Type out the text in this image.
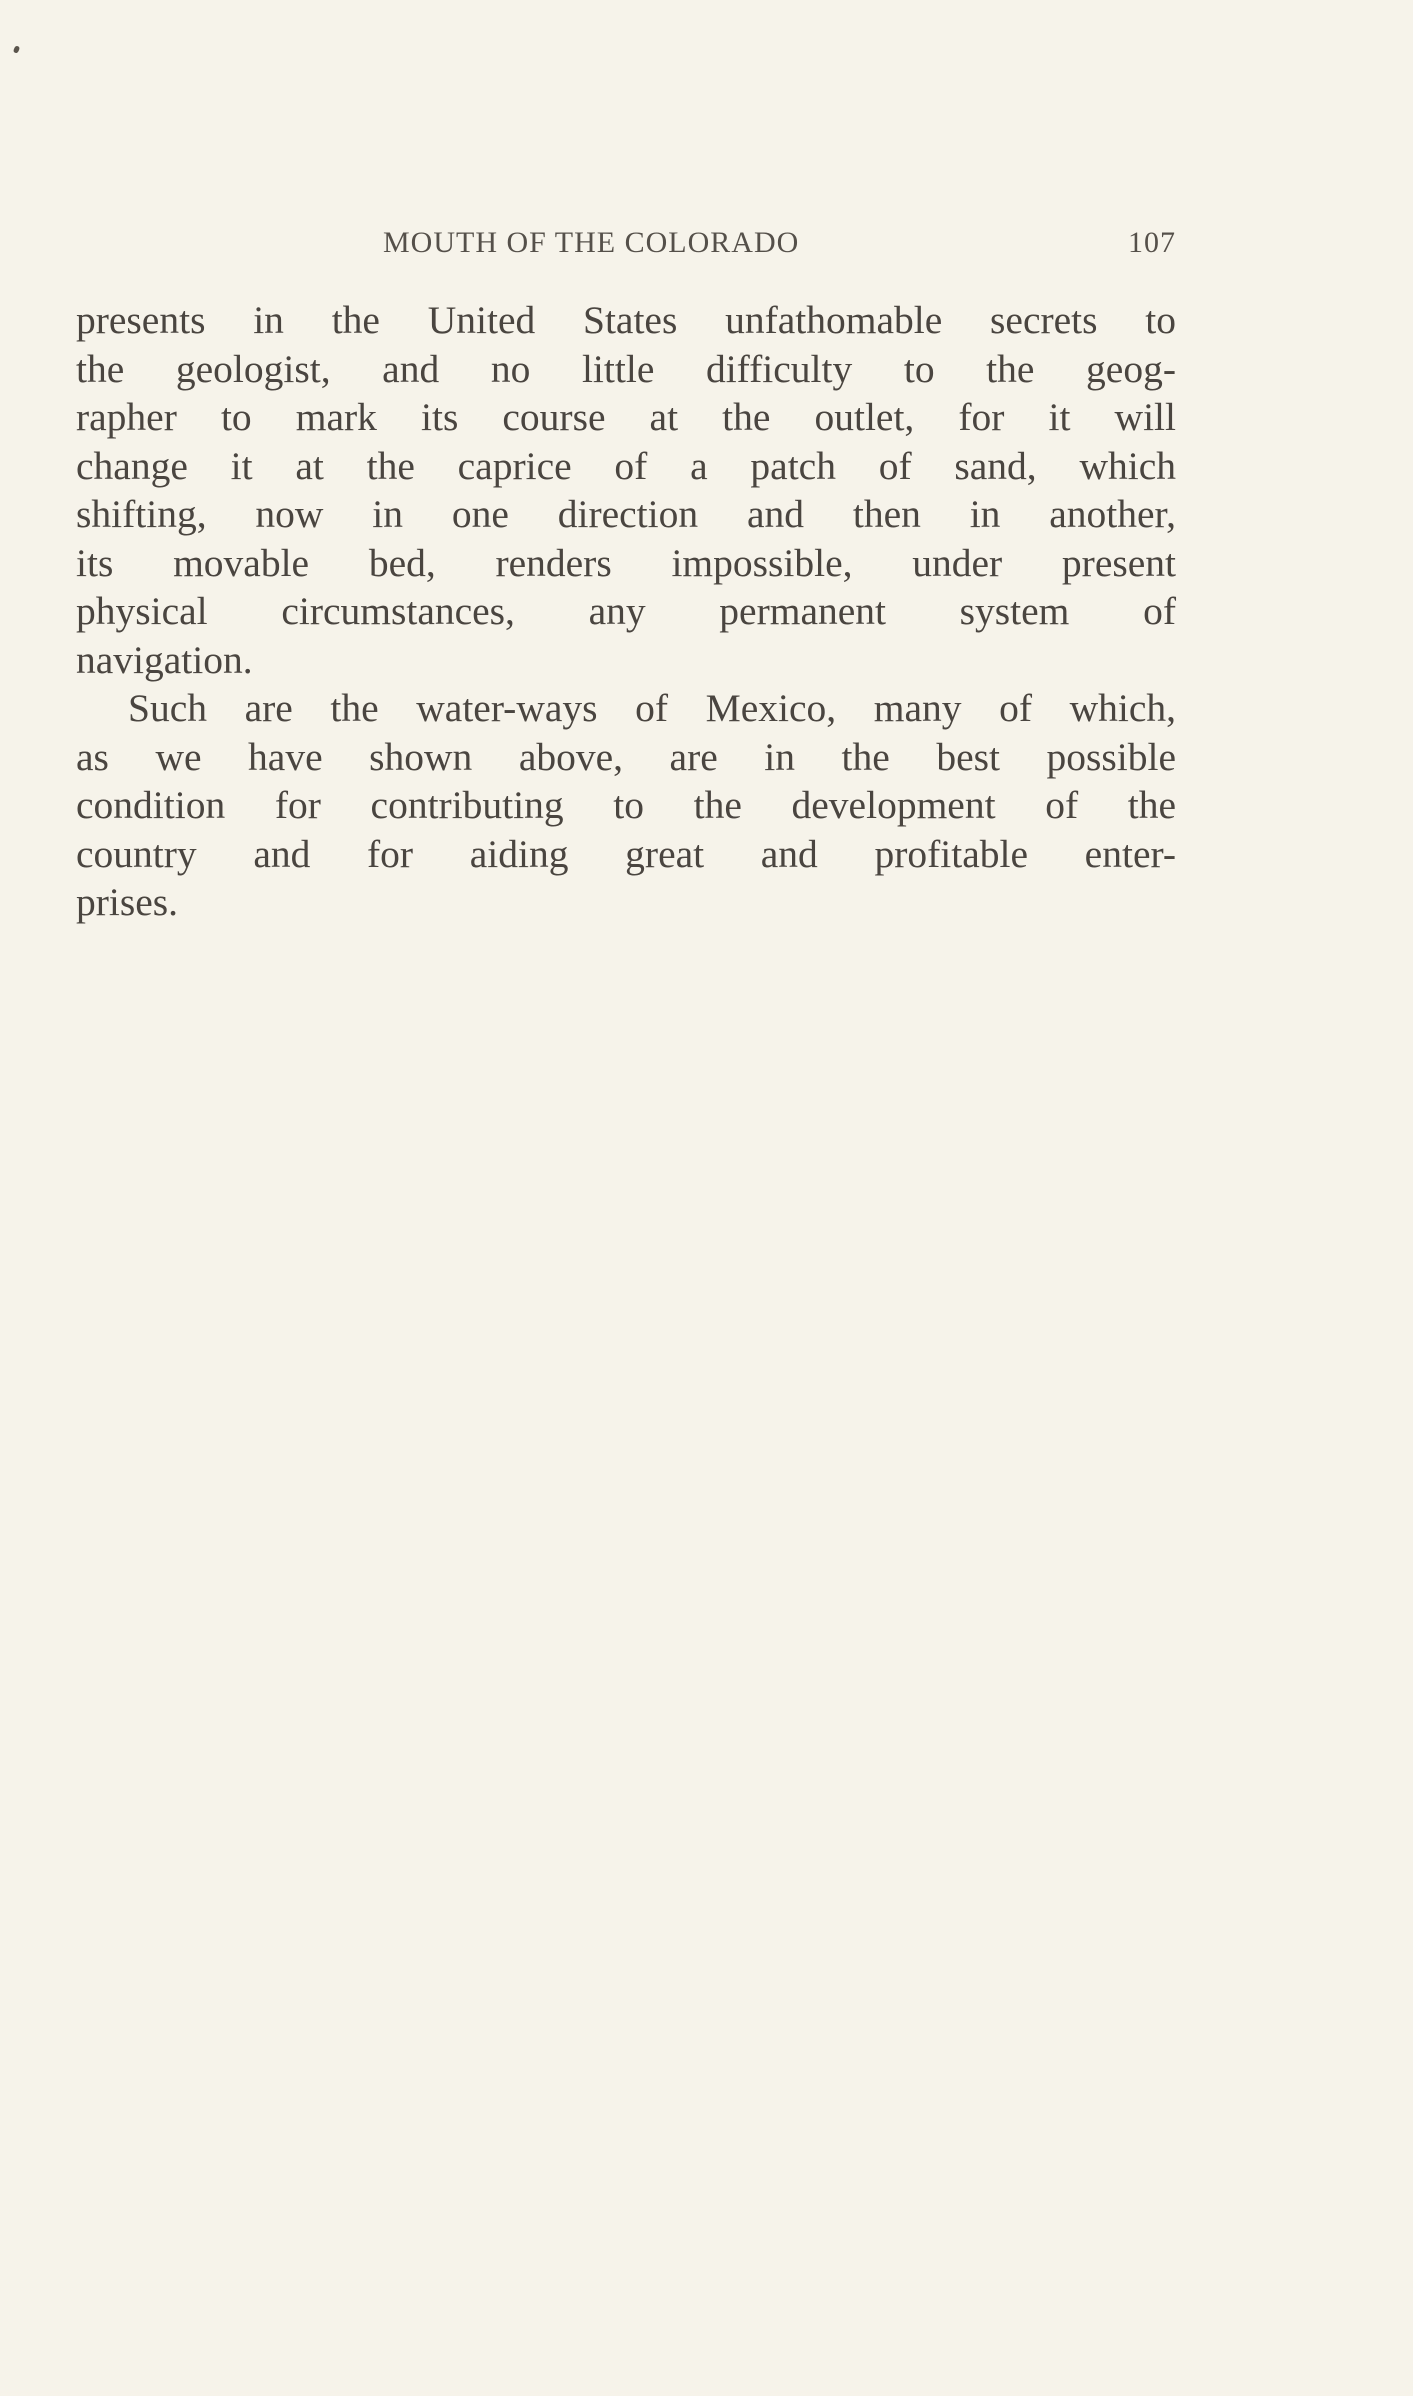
MOUTH OF THE COLORADO	107
presents in the United States unfathomable secrets to
the geologist, and no little difficulty to the geog-
rapher to mark its course at the outlet, for it will
change it at the caprice of a patch of sand, which
shifting, now in one direction and then in another,
its movable bed, renders impossible, under present
physical circumstances, any permanent system of
navigation.
Such are the water-ways of Mexico, many of which,
as we have shown above, are in the best possible
condition for contributing to the development of the
country and for aiding great and profitable enter-
prises.
